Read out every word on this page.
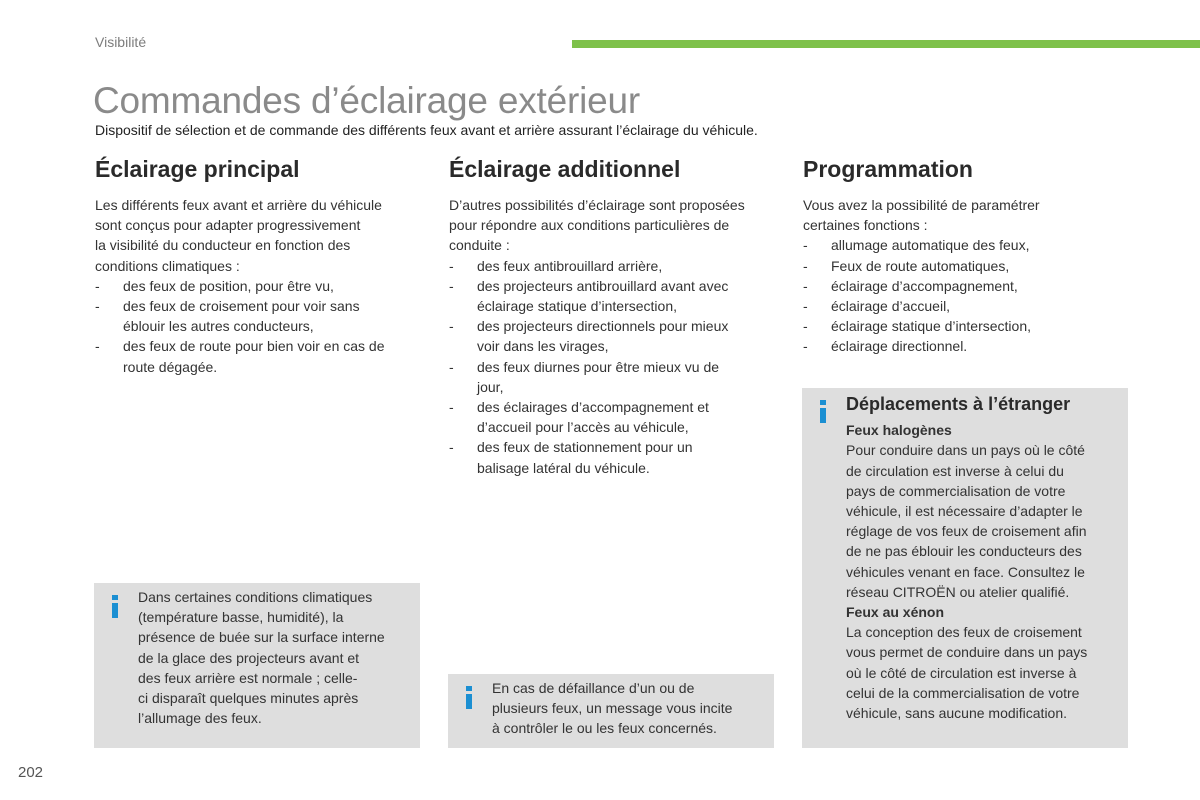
Visibilité
Commandes d’éclairage extérieur
Dispositif de sélection et de commande des différents feux avant et arrière assurant l’éclairage du véhicule.
Éclairage principal
Les différents feux avant et arrière du véhicule
sont conçus pour adapter progressivement
la visibilité du conducteur en fonction des
conditions climatiques :
- des feux de position, pour être vu,
- des feux de croisement pour voir sans
éblouir les autres conducteurs,
- des feux de route pour bien voir en cas de
route dégagée.
Éclairage additionnel
D’autres possibilités d’éclairage sont proposées
pour répondre aux conditions particulières de
conduite :
- des feux antibrouillard arrière,
- des projecteurs antibrouillard avant avec
éclairage statique d’intersection,
- des projecteurs directionnels pour mieux
voir dans les virages,
- des feux diurnes pour être mieux vu de
jour,
- des éclairages d’accompagnement et
d’accueil pour l’accès au véhicule,
- des feux de stationnement pour un
balisage latéral du véhicule.
Programmation
Vous avez la possibilité de paramétrer
certaines fonctions :
- allumage automatique des feux,
- Feux de route automatiques,
- éclairage d’accompagnement,
- éclairage d’accueil,
- éclairage statique d’intersection,
- éclairage directionnel.
Dans certaines conditions climatiques
(température basse, humidité), la
présence de buée sur la surface interne
de la glace des projecteurs avant et
des feux arrière est normale ; celle-
ci disparaît quelques minutes après
l’allumage des feux.
En cas de défaillance d’un ou de
plusieurs feux, un message vous incite
à contrôler le ou les feux concernés.
Déplacements à l’étranger
Feux halogènes
Pour conduire dans un pays où le côté
de circulation est inverse à celui du
pays de commercialisation de votre
véhicule, il est nécessaire d’adapter le
réglage de vos feux de croisement afin
de ne pas éblouir les conducteurs des
véhicules venant en face. Consultez le
réseau CITROËN ou atelier qualifié.
Feux au xénon
La conception des feux de croisement
vous permet de conduire dans un pays
où le côté de circulation est inverse à
celui de la commercialisation de votre
véhicule, sans aucune modification.
202
